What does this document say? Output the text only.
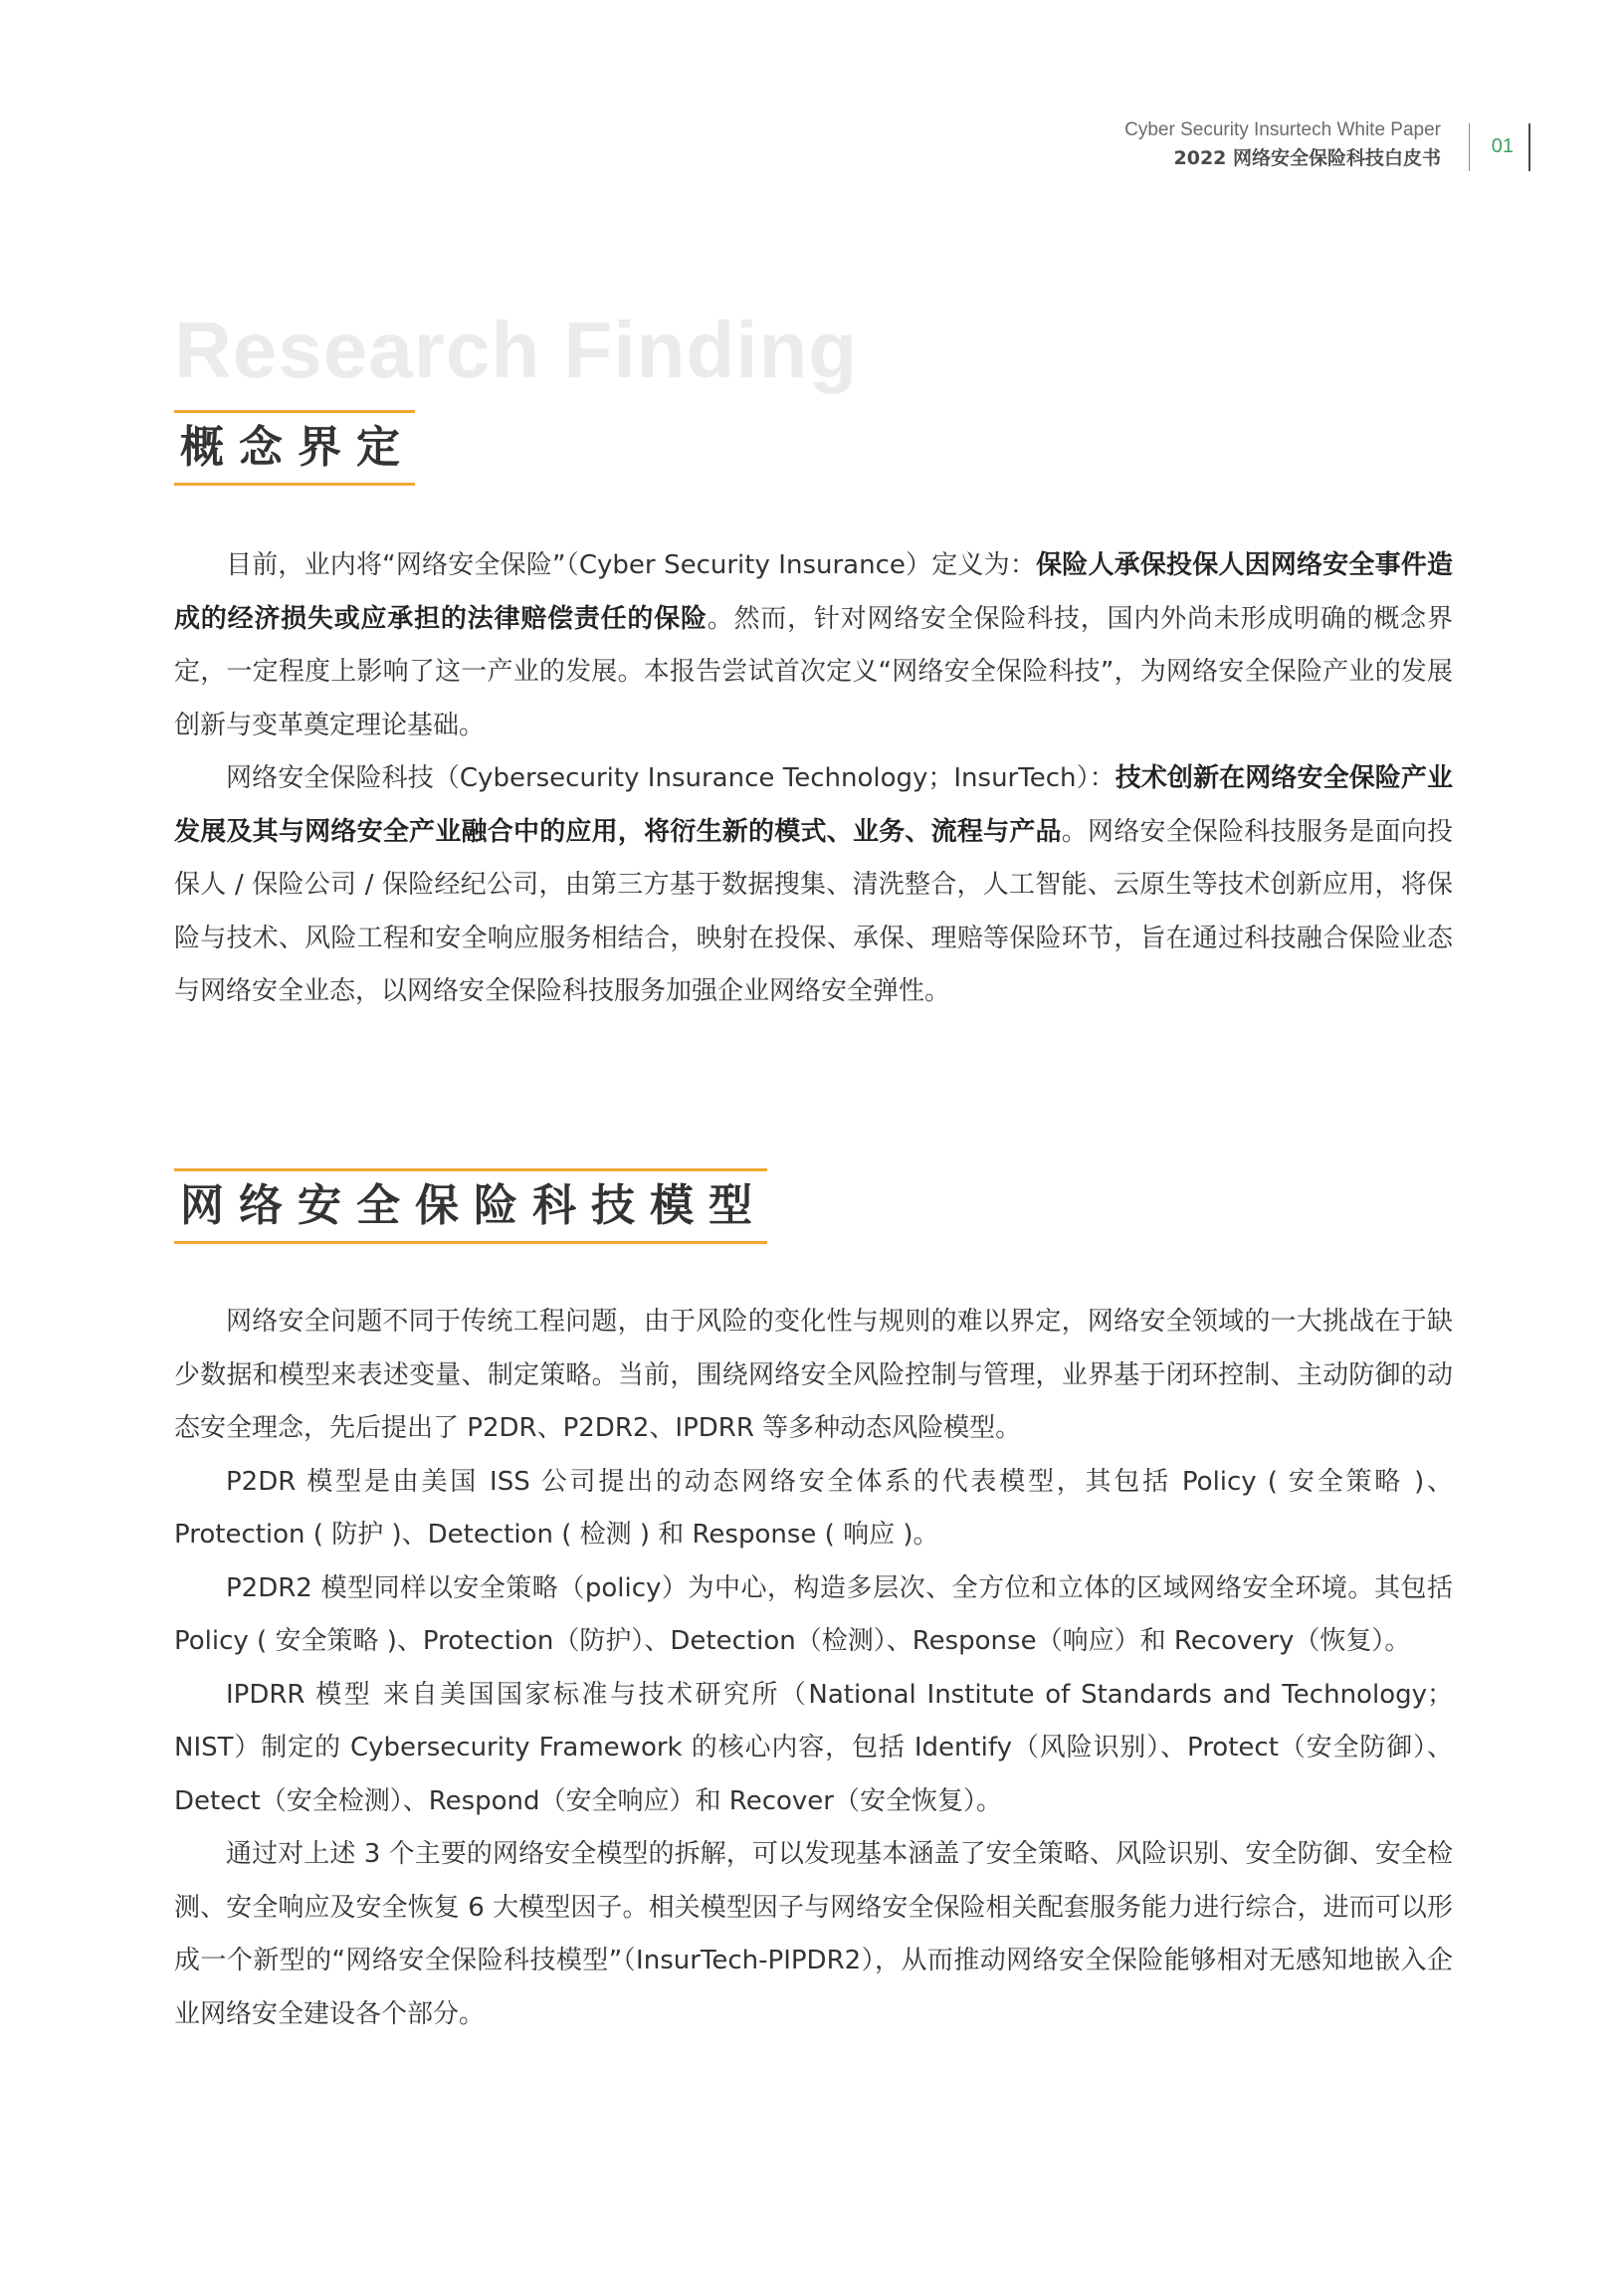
Cyber Security Insurtech White Paper
2022 网络安全保险科技白皮书
01
Research Finding
概念界定

目前，业内将“网络安全保险”（Cyber Security Insurance）定义为：保险人承保投保人因网络安全事件造成的经济损失或应承担的法律赔偿责任的保险。然而，针对网络安全保险科技，国内外尚未形成明确的概念界定，一定程度上影响了这一产业的发展。本报告尝试首次定义“网络安全保险科技”，为网络安全保险产业的发展创新与变革奠定理论基础。

网络安全保险科技（Cybersecurity Insurance Technology；InsurTech）：技术创新在网络安全保险产业发展及其与网络安全产业融合中的应用，将衍生新的模式、业务、流程与产品。网络安全保险科技服务是面向投保人 / 保险公司 / 保险经纪公司，由第三方基于数据搜集、清洗整合，人工智能、云原生等技术创新应用，将保险与技术、风险工程和安全响应服务相结合，映射在投保、承保、理赔等保险环节，旨在通过科技融合保险业态与网络安全业态，以网络安全保险科技服务加强企业网络安全弹性。

网络安全保险科技模型

网络安全问题不同于传统工程问题，由于风险的变化性与规则的难以界定，网络安全领域的一大挑战在于缺少数据和模型来表述变量、制定策略。当前，围绕网络安全风险控制与管理，业界基于闭环控制、主动防御的动态安全理念，先后提出了 P2DR、P2DR2、IPDRR 等多种动态风险模型。

P2DR 模型是由美国 ISS 公司提出的动态网络安全体系的代表模型，其包括 Policy ( 安全策略 )、Protection ( 防护 )、Detection ( 检测 ) 和 Response ( 响应 )。

P2DR2 模型同样以安全策略（policy）为中心，构造多层次、全方位和立体的区域网络安全环境。其包括 Policy ( 安全策略 )、Protection（防护）、Detection（检测）、Response（响应）和 Recovery（恢复）。

IPDRR 模型 来自美国国家标准与技术研究所（National Institute of Standards and Technology；NIST）制定的 Cybersecurity Framework 的核心内容，包括 Identify（风险识别）、Protect（安全防御）、Detect（安全检测）、Respond（安全响应）和 Recover（安全恢复）。

通过对上述 3 个主要的网络安全模型的拆解，可以发现基本涵盖了安全策略、风险识别、安全防御、安全检测、安全响应及安全恢复 6 大模型因子。相关模型因子与网络安全保险相关配套服务能力进行综合，进而可以形成一个新型的“网络安全保险科技模型”（InsurTech-PIPDR2），从而推动网络安全保险能够相对无感知地嵌入企业网络安全建设各个部分。
